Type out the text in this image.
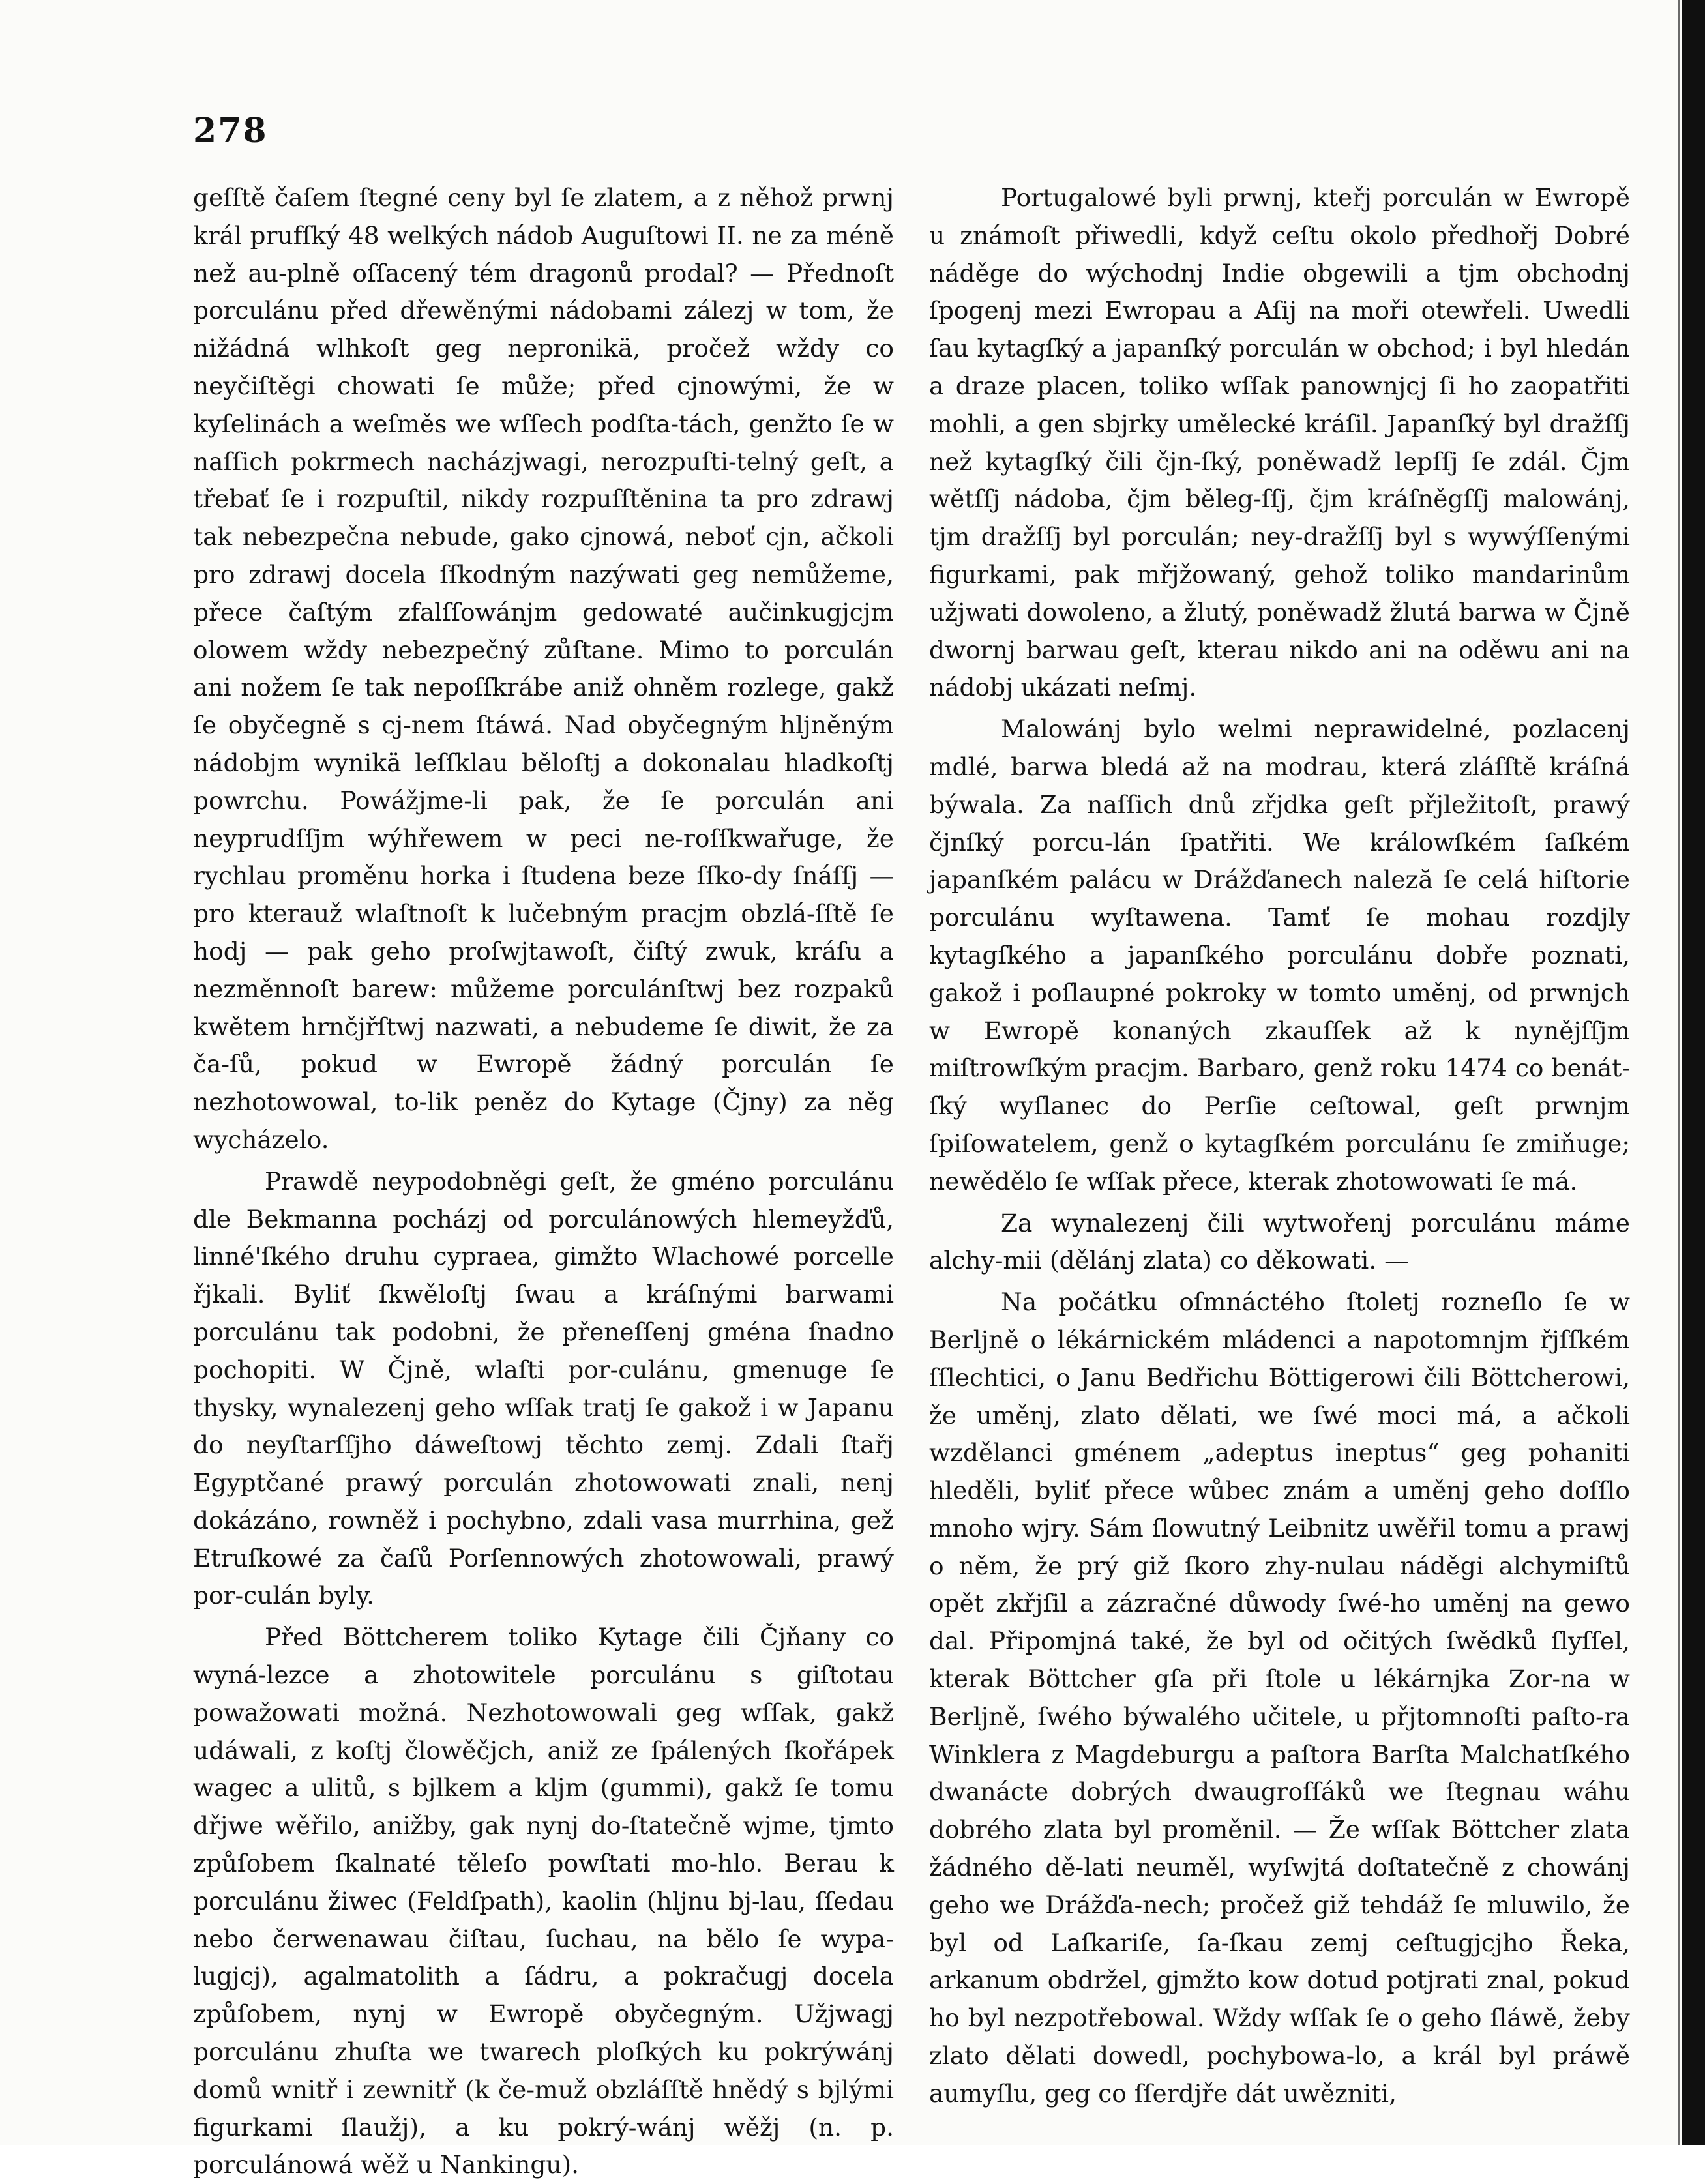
278

geſſtě čaſem ſtegné ceny byl ſe zlatem, a z něhož prwnj král prufſký 48 welkých nádob Auguſtowi II. ne za méně než au-plně oſſacený tém dragonů prodal? — Přednoſt porculánu před dřewěnými nádobami zálezj w tom, že nižádná wlhkoſt geg nepronikä, pročež wždy co neyčiſtěgi chowati ſe může; před cjnowými, že w kyſelinách a weſměs we wſſech podſta-tách, genžto ſe w naſſich pokrmech nacházjwagi, nerozpuſti-telný geſt, a třebať ſe i rozpuſtil, nikdy rozpuſſtěnina ta pro zdrawj tak nebezpečna nebude, gako cjnowá, neboť cjn, ačkoli pro zdrawj docela ſſkodným nazýwati geg nemůžeme, přece čaſtým zfalſſowánjm gedowaté aučinkugjcjm olowem wždy nebezpečný zůſtane. Mimo to porculán ani nožem ſe tak nepoſſkrábe aniž ohněm rozlege, gakž ſe obyčegně s cj-nem ſtáwá. Nad obyčegným hljněným nádobjm wynikä leſſklau běloſtj a dokonalau hladkoſtj powrchu. Powážjme-li pak, že ſe porculán ani neyprudſſjm wýhřewem w peci ne-roſſkwařuge, že rychlau proměnu horka i ſtudena beze ſſko-dy ſnáſſj — pro kterauž wlaſtnoſt k lučebným pracjm obzlá-ſſtě ſe hodj — pak geho proſwjtawoſt, čiſtý zwuk, kráſu a nezměnnoſt barew: můžeme porculánſtwj bez rozpaků kwětem hrnčjřſtwj nazwati, a nebudeme ſe diwit, že za ča-ſů, pokud w Ewropě žádný porculán ſe nezhotowowal, to-lik peněz do Kytage (Čjny) za něg wycházelo.

Prawdě neypodobněgi geſt, že gméno porculánu dle Bekmanna pocházj od porculánowých hlemeyžďů, linné'ſkého druhu cypraea, gimžto Wlachowé porcelle řjkali. Byliť ſkwěloſtj ſwau a kráſnými barwami porculánu tak podobni, že přeneſſenj gména ſnadno pochopiti. W Čjně, wlaſti por-culánu, gmenuge ſe thysky, wynalezenj geho wſſak tratj ſe gakož i w Japanu do neyſtarſſjho dáweſtowj těchto zemj. Zdali ſtařj Egyptčané prawý porculán zhotowowati znali, nenj dokázáno, rowněž i pochybno, zdali vasa murrhina, gež Etruſkowé za čaſů Porſennowých zhotowowali, prawý por-culán byly.

Před Böttcherem toliko Kytage čili Čjňany co wyná-lezce a zhotowitele porculánu s giſtotau powažowati možná. Nezhotowowali geg wſſak, gakž udáwali, z koſtj člowěčjch, aniž ze ſpálených ſkořápek wagec a ulitů, s bjlkem a kljm (gummi), gakž ſe tomu dřjwe wěřilo, anižby, gak nynj do-ſtatečně wjme, tjmto způſobem ſkalnaté těleſo powſtati mo-hlo. Berau k porculánu žiwec (Feldſpath), kaolin (hljnu bj-lau, ſſedau nebo čerwenawau čiſtau, ſuchau, na bělo ſe wypa-lugjcj), agalmatolith a ſádru, a pokračugj docela způſobem, nynj w Ewropě obyčegným. Užjwagj porculánu zhuſta we twarech ploſkých ku pokrýwánj domů wnitř i zewnitř (k če-muž obzláſſtě hnědý s bjlými figurkami ſlaužj), a ku pokrý-wánj wěžj (n. p. porculánowá wěž u Nankingu).

Portugalowé byli prwnj, kteřj porculán w Ewropě u známoſt přiwedli, když ceſtu okolo předhořj Dobré náděge do wýchodnj Indie obgewili a tjm obchodnj ſpogenj mezi Ewropau a Aſij na moři otewřeli. Uwedli ſau kytagſký a japanſký porculán w obchod; i byl hledán a draze placen, toliko wſſak panownjcj ſi ho zaopatřiti mohli, a gen sbjrky umělecké kráſil. Japanſký byl dražſſj než kytagſký čili čjn-ſký, poněwadž lepſſj ſe zdál. Čjm wětſſj nádoba, čjm běleg-ſſj, čjm kráſněgſſj malowánj, tjm dražſſj byl porculán; ney-dražſſj byl s wywýſſenými figurkami, pak mřjžowaný, gehož toliko mandarinům užjwati dowoleno, a žlutý, poněwadž žlutá barwa w Čjně dwornj barwau geſt, kterau nikdo ani na oděwu ani na nádobj ukázati neſmj.

Malowánj bylo welmi neprawidelné, pozlacenj mdlé, barwa bledá až na modrau, která zláſſtě kráſná býwala. Za naſſich dnů zřjdka geſt přjležitoſt, prawý čjnſký porcu-lán ſpatřiti. We králowſkém ſaſkém japanſkém palácu w Drážďanech naleză ſe celá hiſtorie porculánu wyſtawena. Tamť ſe mohau rozdjly kytagſkého a japanſkého porculánu dobře poznati, gakož i poſlaupné pokroky w tomto uměnj, od prwnjch w Ewropě konaných zkauſſek až k nynějſſjm miſtrowſkým pracjm. Barbaro, genž roku 1474 co benát-ſký wyſlanec do Perſie ceſtowal, geſt prwnjm ſpiſowatelem, genž o kytagſkém porculánu ſe zmiňuge; newědělo ſe wſſak přece, kterak zhotowowati ſe má.

Za wynalezenj čili wytwořenj porculánu máme alchy-mii (dělánj zlata) co děkowati. —

Na počátku oſmnáctého ſtoletj rozneſlo ſe w Berljně o lékárnickém mládenci a napotomnjm řjſſkém ſſlechtici, o Janu Bedřichu Böttigerowi čili Böttcherowi, že uměnj, zlato dělati, we ſwé moci má, a ačkoli wzdělanci gménem „adeptus ineptus“ geg pohaniti hleděli, byliť přece wůbec znám a uměnj geho doſſlo mnoho wjry. Sám ſlowutný Leibnitz uwěřil tomu a prawj o něm, že prý giž ſkoro zhy-nulau náděgi alchymiſtů opět zkřjſil a zázračné důwody ſwé-ho uměnj na gewo dal. Připomjná také, že byl od očitých ſwědků ſlyſſel, kterak Böttcher gſa při ſtole u lékárnjka Zor-na w Berljně, ſwého býwalého učitele, u přjtomnoſti paſto-ra Winklera z Magdeburgu a paſtora Barſta Malchatſkého dwanácte dobrých dwaugroſſáků we ſtegnau wáhu dobrého zlata byl proměnil. — Že wſſak Böttcher zlata žádného dě-lati neuměl, wyſwjtá doſtatečně z chowánj geho we Drážďa-nech; pročež giž tehdáž ſe mluwilo, že byl od Laſkariſe, ſa-ſkau zemj ceſtugjcjho Řeka, arkanum obdržel, gjmžto kow dotud potjrati znal, pokud ho byl nezpotřebowal. Wždy wſſak ſe o geho ſláwě, žeby zlato dělati dowedl, pochybowa-lo, a král byl práwě aumyſlu, geg co ſſerdjře dát uwězniti,
